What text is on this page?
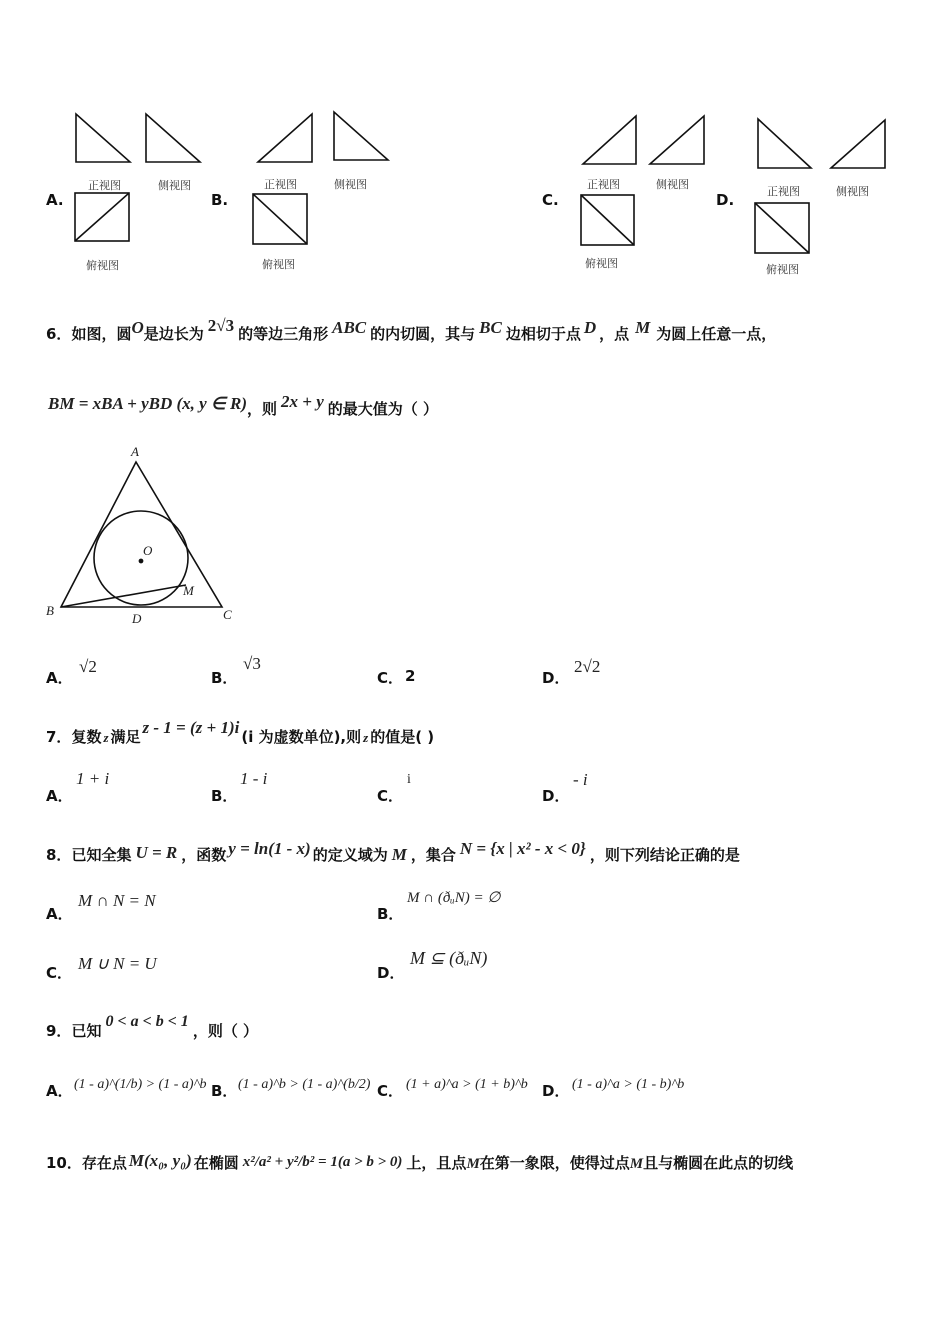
A.	B.	C.	D.
正视图	侧视图
俯视图
正视图	侧视图
俯视图
正视图	侧视图
俯视图
正视图	侧视图
俯视图
6．如图，圆O是边长为 2√3 的等边三角形 ABC 的内切圆，其与 BC 边相切于点 D ，点 M 为圆上任意一点，
BM = xBA + yBD (x, y ∈ R)，则 2x + y 的最大值为（ ）
A
O
M
B
D	C
A．
√2
B．
√3
C． 2	D．
2√2
7．复数 z 满足 z - 1 = (z + 1)i (i 为虚数单位),则 z 的值是( )
A．
1 + i
B．
1 - i
C．
i
D．
- i
8．已知全集 U = R ，函数 y = ln(1 - x) 的定义域为 M ，集合 N = {x | x² - x < 0} ，则下列结论正确的是
A．
M ∩ N = N
B．
M ∩ (ðᵤN) = ∅
C． M ∪ N = U	D．
M ⊆ (ðᵤN)
9．已知0 < a < b < 1，则（ ）
A． (1 - a)^(1/b) > (1 - a)^b B． (1 - a)^b > (1 - a)^(b/2) C． (1 + a)^a > (1 + b)^b D． (1 - a)^a > (1 - b)^b
10．存在点 M(x₀, y₀) 在椭圆 x²/a² + y²/b² = 1(a > b > 0) 上，且点M在第一象限，使得过点M且与椭圆在此点的切线
